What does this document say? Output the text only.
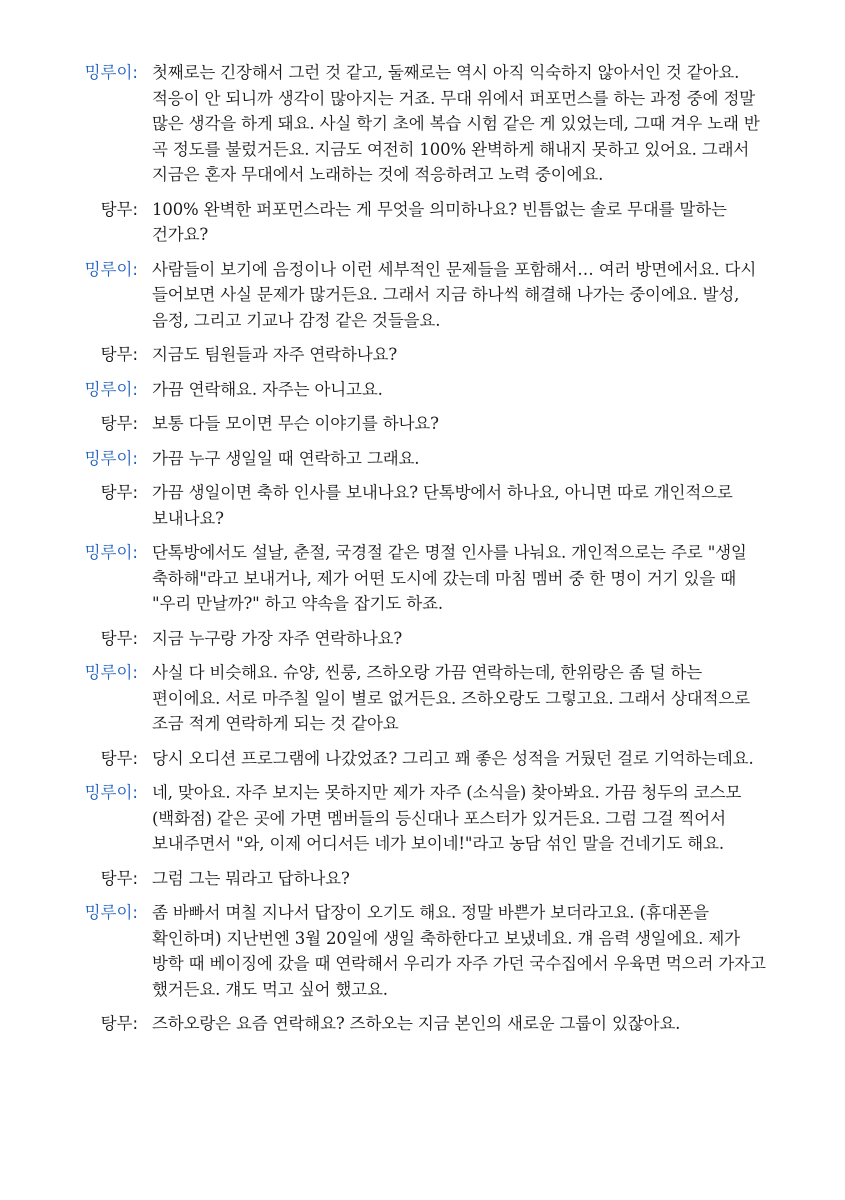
밍루이: 첫째로는 긴장해서 그런 것 같고, 둘째로는 역시 아직 익숙하지 않아서인 것 같아요. 적응이 안 되니까 생각이 많아지는 거죠. 무대 위에서 퍼포먼스를 하는 과정 중에 정말 많은 생각을 하게 돼요. 사실 학기 초에 복습 시험 같은 게 있었는데, 그때 겨우 노래 반 곡 정도를 불렀거든요. 지금도 여전히 100% 완벽하게 해내지 못하고 있어요. 그래서 지금은 혼자 무대에서 노래하는 것에 적응하려고 노력 중이에요.
탕무: 100% 완벽한 퍼포먼스라는 게 무엇을 의미하나요? 빈틈없는 솔로 무대를 말하는 건가요?
밍루이: 사람들이 보기에 음정이나 이런 세부적인 문제들을 포함해서… 여러 방면에서요. 다시 들어보면 사실 문제가 많거든요. 그래서 지금 하나씩 해결해 나가는 중이에요. 발성, 음정, 그리고 기교나 감정 같은 것들을요.
탕무: 지금도 팀원들과 자주 연락하나요?
밍루이: 가끔 연락해요. 자주는 아니고요.
탕무: 보통 다들 모이면 무슨 이야기를 하나요?
밍루이: 가끔 누구 생일일 때 연락하고 그래요.
탕무: 가끔 생일이면 축하 인사를 보내나요? 단톡방에서 하나요, 아니면 따로 개인적으로 보내나요?
밍루이: 단톡방에서도 설날, 춘절, 국경절 같은 명절 인사를 나눠요. 개인적으로는 주로 "생일 축하해"라고 보내거나, 제가 어떤 도시에 갔는데 마침 멤버 중 한 명이 거기 있을 때 "우리 만날까?" 하고 약속을 잡기도 하죠.
탕무: 지금 누구랑 가장 자주 연락하나요?
밍루이: 사실 다 비슷해요. 슈양, 씬룽, 즈하오랑 가끔 연락하는데, 한위랑은 좀 덜 하는 편이에요. 서로 마주칠 일이 별로 없거든요. 즈하오랑도 그렇고요. 그래서 상대적으로 조금 적게 연락하게 되는 것 같아요
탕무: 당시 오디션 프로그램에 나갔었죠? 그리고 꽤 좋은 성적을 거뒀던 걸로 기억하는데요.
밍루이: 네, 맞아요. 자주 보지는 못하지만 제가 자주 (소식을) 찾아봐요. 가끔 청두의 코스모(백화점) 같은 곳에 가면 멤버들의 등신대나 포스터가 있거든요. 그럼 그걸 찍어서 보내주면서 "와, 이제 어디서든 네가 보이네!"라고 농담 섞인 말을 건네기도 해요.
탕무: 그럼 그는 뭐라고 답하나요?
밍루이: 좀 바빠서 며칠 지나서 답장이 오기도 해요. 정말 바쁜가 보더라고요. (휴대폰을 확인하며) 지난번엔 3월 20일에 생일 축하한다고 보냈네요. 걔 음력 생일에요. 제가 방학 때 베이징에 갔을 때 연락해서 우리가 자주 가던 국수집에서 우육면 먹으러 가자고 했거든요. 걔도 먹고 싶어 했고요.
탕무: 즈하오랑은 요즘 연락해요? 즈하오는 지금 본인의 새로운 그룹이 있잖아요.
